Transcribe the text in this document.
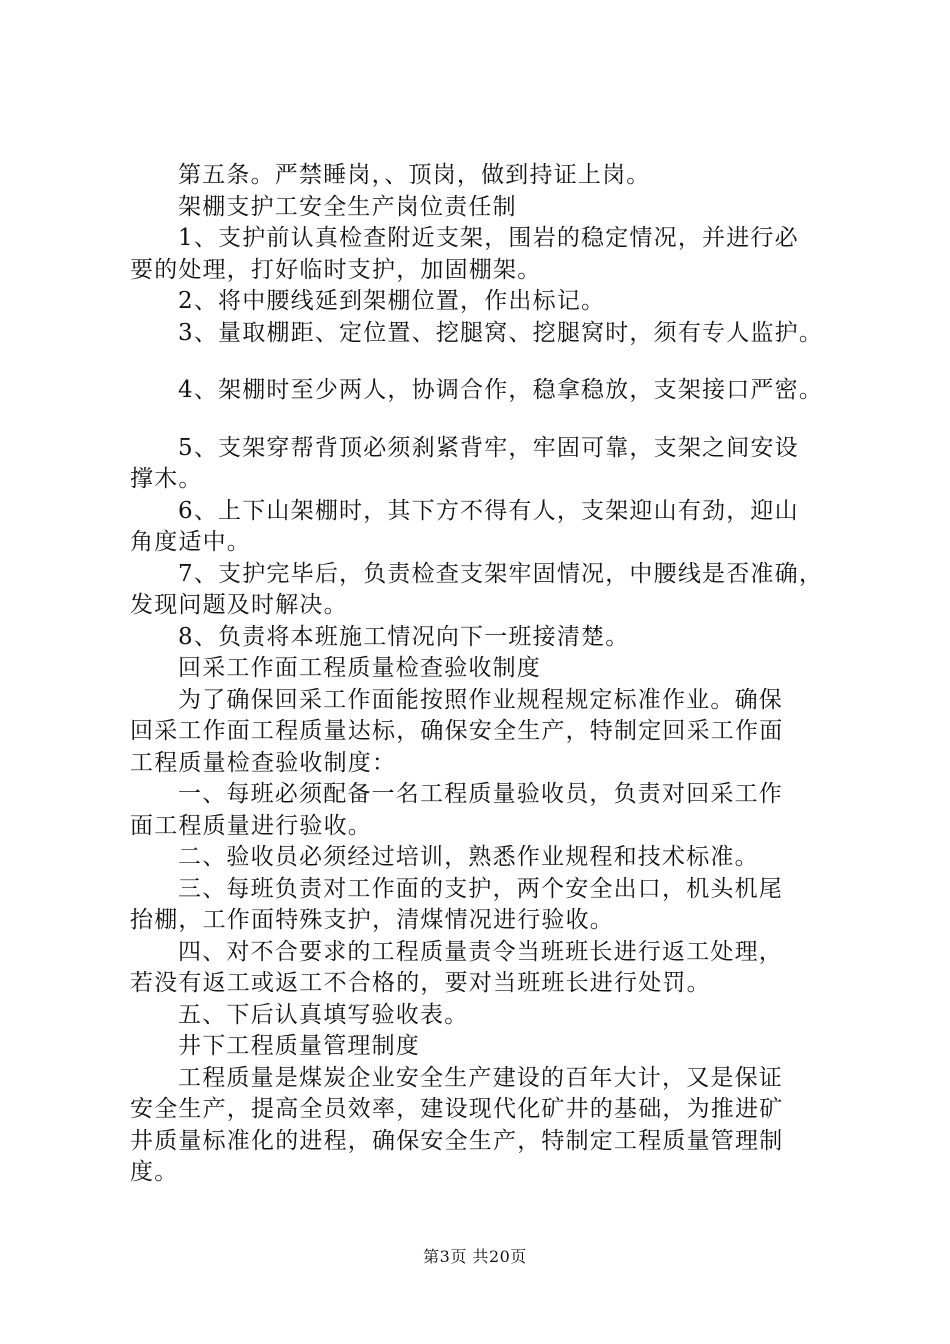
第五条。严禁睡岗，、顶岗，做到持证上岗。
架棚支护工安全生产岗位责任制
1、支护前认真检查附近支架，围岩的稳定情况，并进行必
要的处理，打好临时支护，加固棚架。
2、将中腰线延到架棚位置，作出标记。
3、量取棚距、定位置、挖腿窝、挖腿窝时，须有专人监护。
4、架棚时至少两人，协调合作，稳拿稳放，支架接口严密。
5、支架穿帮背顶必须刹紧背牢，牢固可靠，支架之间安设
撑木。
6、上下山架棚时，其下方不得有人，支架迎山有劲，迎山
角度适中。
7、支护完毕后，负责检查支架牢固情况，中腰线是否准确，
发现问题及时解决。
8、负责将本班施工情况向下一班接清楚。
回采工作面工程质量检查验收制度
为了确保回采工作面能按照作业规程规定标准作业。确保
回采工作面工程质量达标，确保安全生产，特制定回采工作面
工程质量检查验收制度：
一、每班必须配备一名工程质量验收员，负责对回采工作
面工程质量进行验收。
二、验收员必须经过培训，熟悉作业规程和技术标准。
三、每班负责对工作面的支护，两个安全出口，机头机尾
抬棚，工作面特殊支护，清煤情况进行验收。
四、对不合要求的工程质量责令当班班长进行返工处理，
若没有返工或返工不合格的，要对当班班长进行处罚。
五、下后认真填写验收表。
井下工程质量管理制度
工程质量是煤炭企业安全生产建设的百年大计，又是保证
安全生产，提高全员效率，建设现代化矿井的基础，为推进矿
井质量标准化的进程，确保安全生产，特制定工程质量管理制
度。
第3页 共20页
